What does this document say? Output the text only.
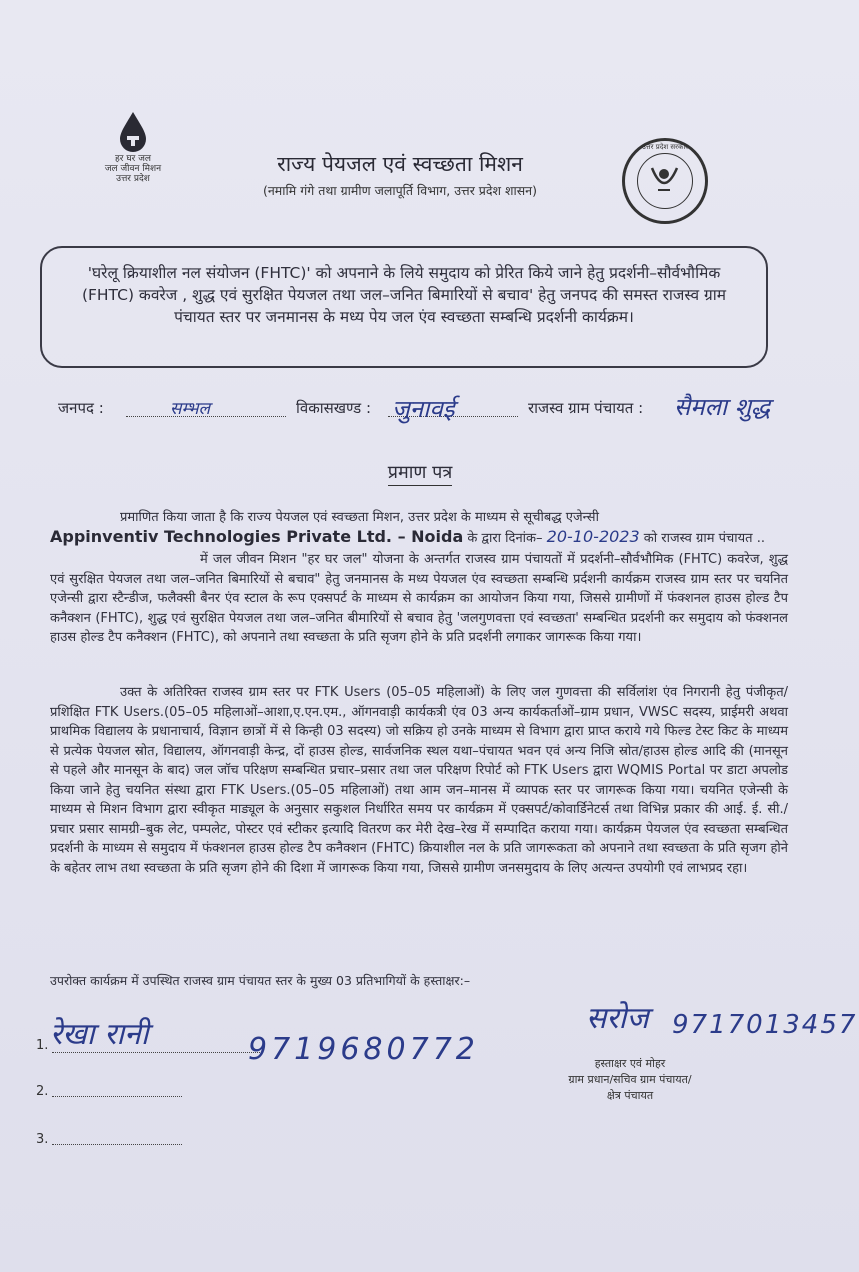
हर घर जल
जल जीवन मिशन
उत्तर प्रदेश
राज्य पेयजल एवं स्वच्छता मिशन
(नमामि गंगे तथा ग्रामीण जलापूर्ति विभाग, उत्तर प्रदेश शासन)
उत्तर प्रदेश सरकार
'घरेलू क्रियाशील नल संयोजन (FHTC)' को अपनाने के लिये समुदाय को प्रेरित किये जाने हेतु प्रदर्शनी–सौर्वभौमिक (FHTC) कवरेज , शुद्ध एवं सुरक्षित पेयजल तथा जल–जनित बिमारियों से बचाव' हेतु जनपद की समस्त राजस्व ग्राम पंचायत स्तर पर जनमानस के मध्य पेय जल एंव स्वच्छता सम्बन्धि प्रदर्शनी कार्यक्रम।
जनपद :	सम्भल	विकासखण्ड : जुनावई	राजस्व ग्राम पंचायत : सैमला शुद्ध
प्रमाण पत्र
प्रमाणित किया जाता है कि राज्य पेयजल एवं स्वच्छता मिशन, उत्तर प्रदेश के माध्यम से सूचीबद्ध एजेन्सी
Appinventiv Technologies Private Ltd. – Noida के द्वारा दिनांक– 20-10-2023 को राजस्व ग्राम पंचायत ..
में जल जीवन मिशन "हर घर जल" योजना के अन्तर्गत राजस्व ग्राम पंचायतों में प्रदर्शनी–सौर्वभौमिक (FHTC) कवरेज, शुद्ध एवं सुरक्षित पेयजल तथा जल–जनित बिमारियों से बचाव" हेतु जनमानस के मध्य पेयजल एंव स्वच्छता सम्बन्धि प्रर्दशनी कार्यक्रम राजस्व ग्राम स्तर पर चयनित एजेन्सी द्वारा स्टैन्डीज, फलैक्सी बैनर एंव स्टाल के रूप एक्सपर्ट के माध्यम से कार्यक्रम का आयोजन किया गया, जिससे ग्रामीणों में फंक्शनल हाउस होल्ड टैप कनैक्शन (FHTC), शुद्ध एवं सुरक्षित पेयजल तथा जल–जनित बीमारियों से बचाव हेतु 'जलगुणवत्ता एवं स्वच्छता' सम्बन्धित प्रदर्शनी कर समुदाय को फंक्शनल हाउस होल्ड टैप कनैक्शन (FHTC), को अपनाने तथा स्वच्छता के प्रति सृजग होने के प्रति प्रदर्शनी लगाकर जागरूक किया गया।
उक्त के अतिरिक्त राजस्व ग्राम स्तर पर FTK Users (05–05 महिलाओं) के लिए जल गुणवत्ता की सर्विलांश एंव निगरानी हेतु पंजीकृत/प्रशिक्षित FTK Users.(05–05 महिलाओं–आशा,ए.एन.एम., ऑगनवाड़ी कार्यकत्री एंव 03 अन्य कार्यकर्ताओं–ग्राम प्रधान, VWSC सदस्य, प्राईमरी अथवा प्राथमिक विद्यालय के प्रधानाचार्य, विज्ञान छात्रों में से किन्ही 03 सदस्य) जो सक्रिय हो उनके माध्यम से विभाग द्वारा प्राप्त कराये गये फिल्ड टेस्ट किट के माध्यम से प्रत्येक पेयजल स्रोत, विद्यालय, ऑगनवाड़ी केन्द्र, दों हाउस होल्ड, सार्वजनिक स्थल यथा–पंचायत भवन एवं अन्य निजि स्रोत/हाउस होल्ड आदि की (मानसून से पहले और मानसून के बाद) जल जॉच परिक्षण सम्बन्धित प्रचार–प्रसार तथा जल परिक्षण रिपोर्ट को FTK Users द्वारा WQMIS Portal पर डाटा अपलोड किया जाने हेतु चयनित संस्था द्वारा FTK Users.(05–05 महिलाओं) तथा आम जन–मानस में व्यापक स्तर पर जागरूक किया गया। चयनित एजेन्सी के माध्यम से मिशन विभाग द्वारा स्वीकृत माड्यूल के अनुसार सकुशल निर्धारित समय पर कार्यक्रम में एक्सपर्ट/कोवार्डिनेटर्स तथा विभिन्न प्रकार की आई. ई. सी./प्रचार प्रसार सामग्री–बुक लेट, पम्पलेट, पोस्टर एवं स्टीकर इत्यादि वितरण कर मेरी देख–रेख में सम्पादित कराया गया। कार्यक्रम पेयजल एंव स्वच्छता सम्बन्धित प्रदर्शनी के माध्यम से समुदाय में फंक्शनल हाउस होल्ड टैप कनैक्शन (FHTC) क्रियाशील नल के प्रति जागरूकता को अपनाने तथा स्वच्छता के प्रति सृजग होने के बहेतर लाभ तथा स्वच्छता के प्रति सृजग होने की दिशा में जागरूक किया गया, जिससे ग्रामीण जनसमुदाय के लिए अत्यन्त उपयोगी एवं लाभप्रद रहा।
उपरोक्त कार्यक्रम में उपस्थित राजस्व ग्राम पंचायत स्तर के मुख्य 03 प्रतिभागियों के हस्ताक्षर:–
1. रेखा रानी	9719680772
2.
3.
सरोज 9717013457
हस्ताक्षर एवं मोहर
ग्राम प्रधान/सचिव ग्राम पंचायत/
क्षेत्र पंचायत
